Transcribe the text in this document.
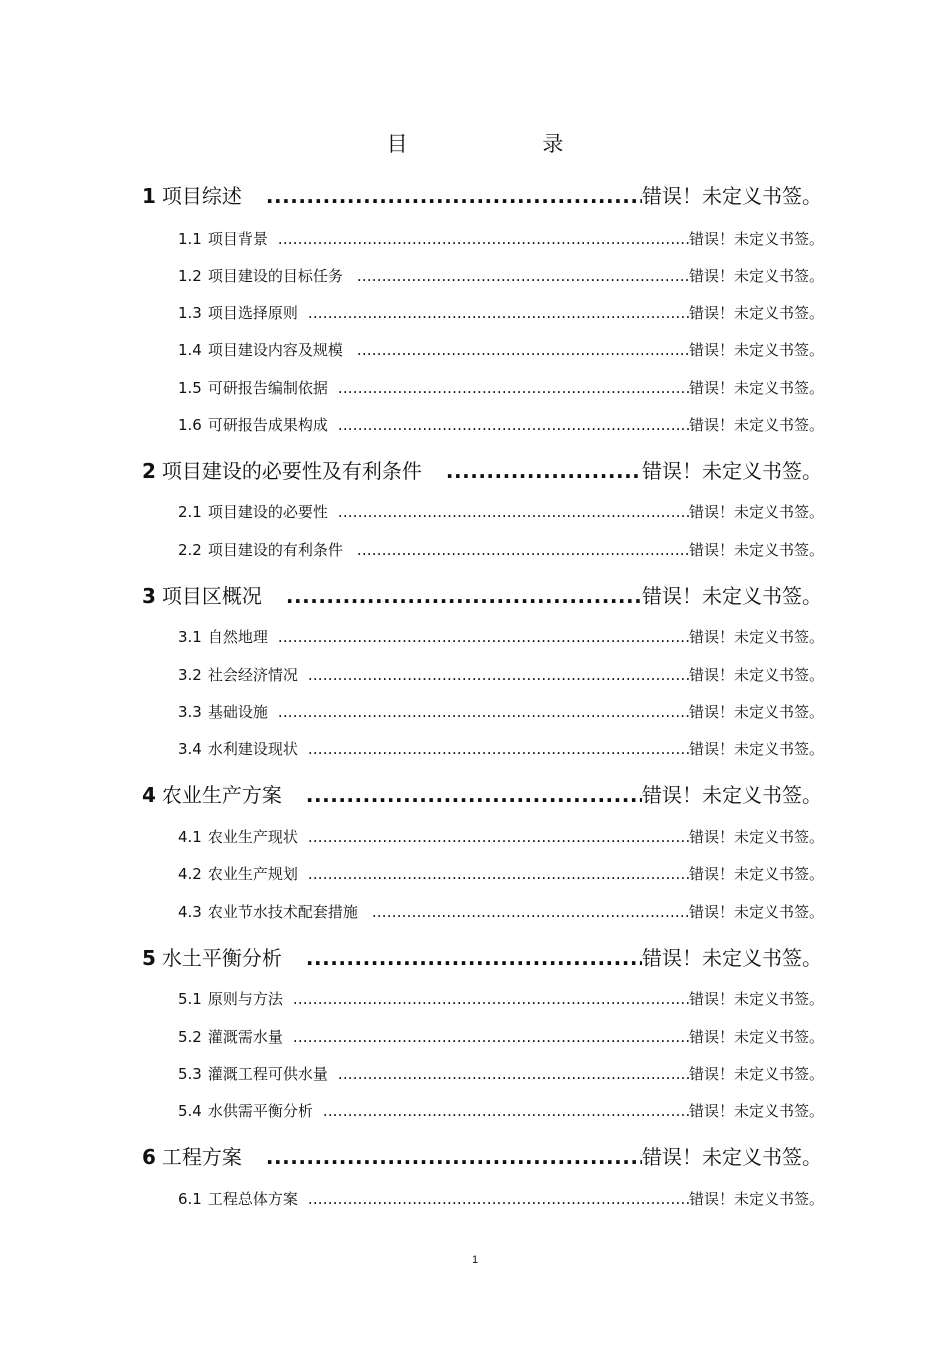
目 录
1 项目综述 .....	错误！未定义书签。
1.1 项目背景 .....	错误！未定义书签。
1.2 项目建设的目标任务 .....	错误！未定义书签。
1.3 项目选择原则 .....	错误！未定义书签。
1.4 项目建设内容及规模 .....	错误！未定义书签。
1.5 可研报告编制依据 .....	错误！未定义书签。
1.6 可研报告成果构成 .....	错误！未定义书签。
2 项目建设的必要性及有利条件 .....	错误！未定义书签。
2.1 项目建设的必要性 .....	错误！未定义书签。
2.2 项目建设的有利条件 .....	错误！未定义书签。
3 项目区概况 .....	错误！未定义书签。
3.1 自然地理 .....	错误！未定义书签。
3.2 社会经济情况 .....	错误！未定义书签。
3.3 基础设施 .....	错误！未定义书签。
3.4 水利建设现状 .....	错误！未定义书签。
4 农业生产方案 .....	错误！未定义书签。
4.1 农业生产现状 .....	错误！未定义书签。
4.2 农业生产规划 .....	错误！未定义书签。
4.3 农业节水技术配套措施 .....	错误！未定义书签。
5 水土平衡分析 .....	错误！未定义书签。
5.1 原则与方法 .....	错误！未定义书签。
5.2 灌溉需水量 .....	错误！未定义书签。
5.3 灌溉工程可供水量 .....	错误！未定义书签。
5.4 水供需平衡分析 .....	错误！未定义书签。
6 工程方案 .....	错误！未定义书签。
6.1 工程总体方案 .....	错误！未定义书签。
1
